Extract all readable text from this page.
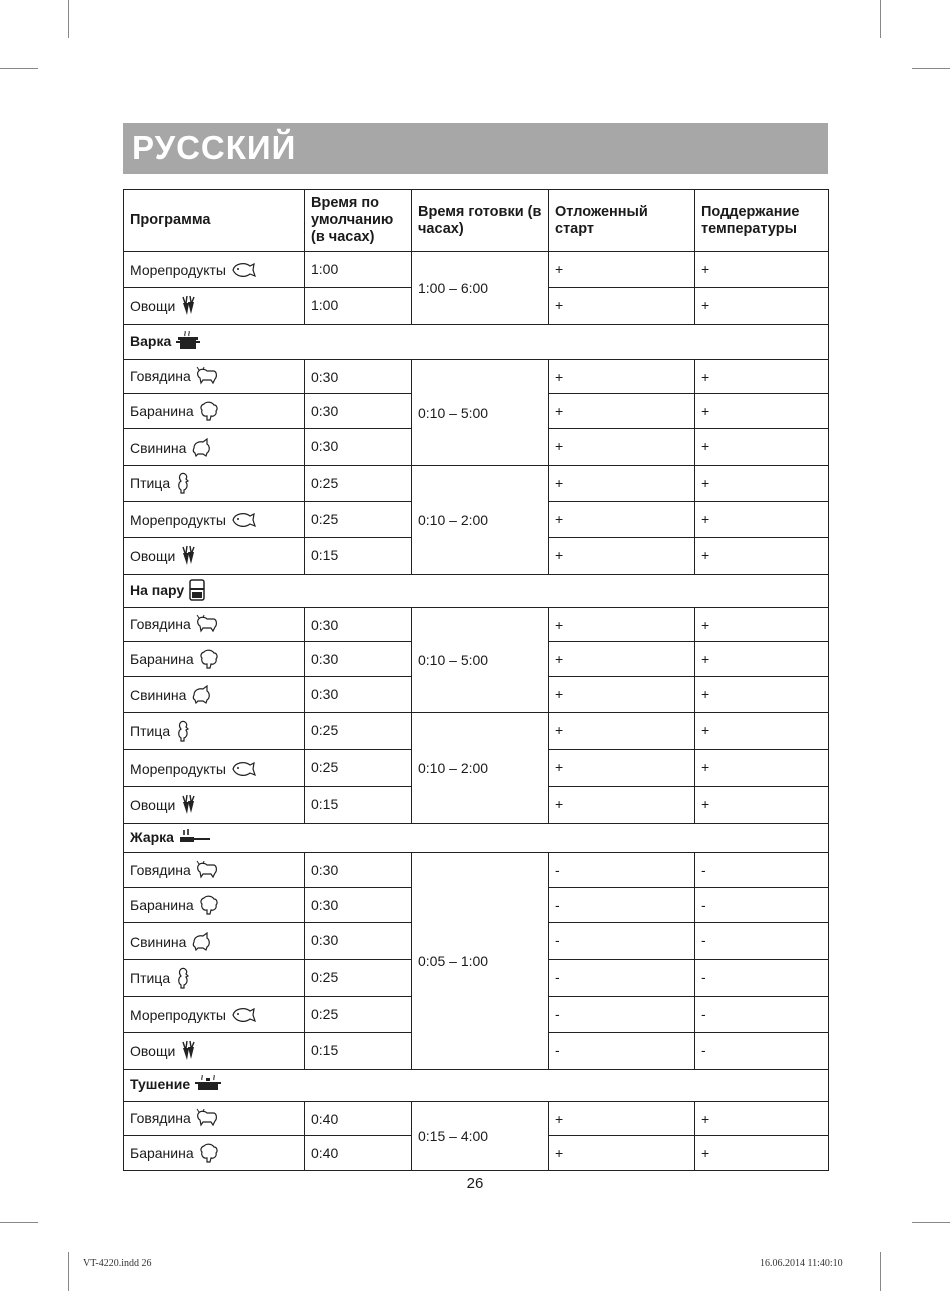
РУССКИЙ
Программа	Время по умолчанию (в часах)	Время готовки (в часах)	Отложенный старт	Поддержание температуры
Морепродукты	1:00	1:00 – 6:00	+	+
Овощи	1:00		+	+
Варка				
Говядина	0:30	0:10 – 5:00	+	+
Баранина	0:30		+	+
Свинина	0:30		+	+
Птица	0:25	0:10 – 2:00	+	+
Морепродукты	0:25		+	+
Овощи	0:15		+	+
На пару				
Говядина	0:30	0:10 – 5:00	+	+
Баранина	0:30		+	+
Свинина	0:30		+	+
Птица	0:25	0:10 – 2:00	+	+
Морепродукты	0:25		+	+
Овощи	0:15		+	+
Жарка				
Говядина	0:30	0:05 – 1:00	-	-
Баранина	0:30		-	-
Свинина	0:30		-	-
Птица	0:25		-	-
Морепродукты	0:25		-	-
Овощи	0:15		-	-
Тушение				
Говядина	0:40	0:15 – 4:00	+	+
Баранина	0:40		+	+
26
VT-4220.indd 26	16.06.2014 11:40:10
